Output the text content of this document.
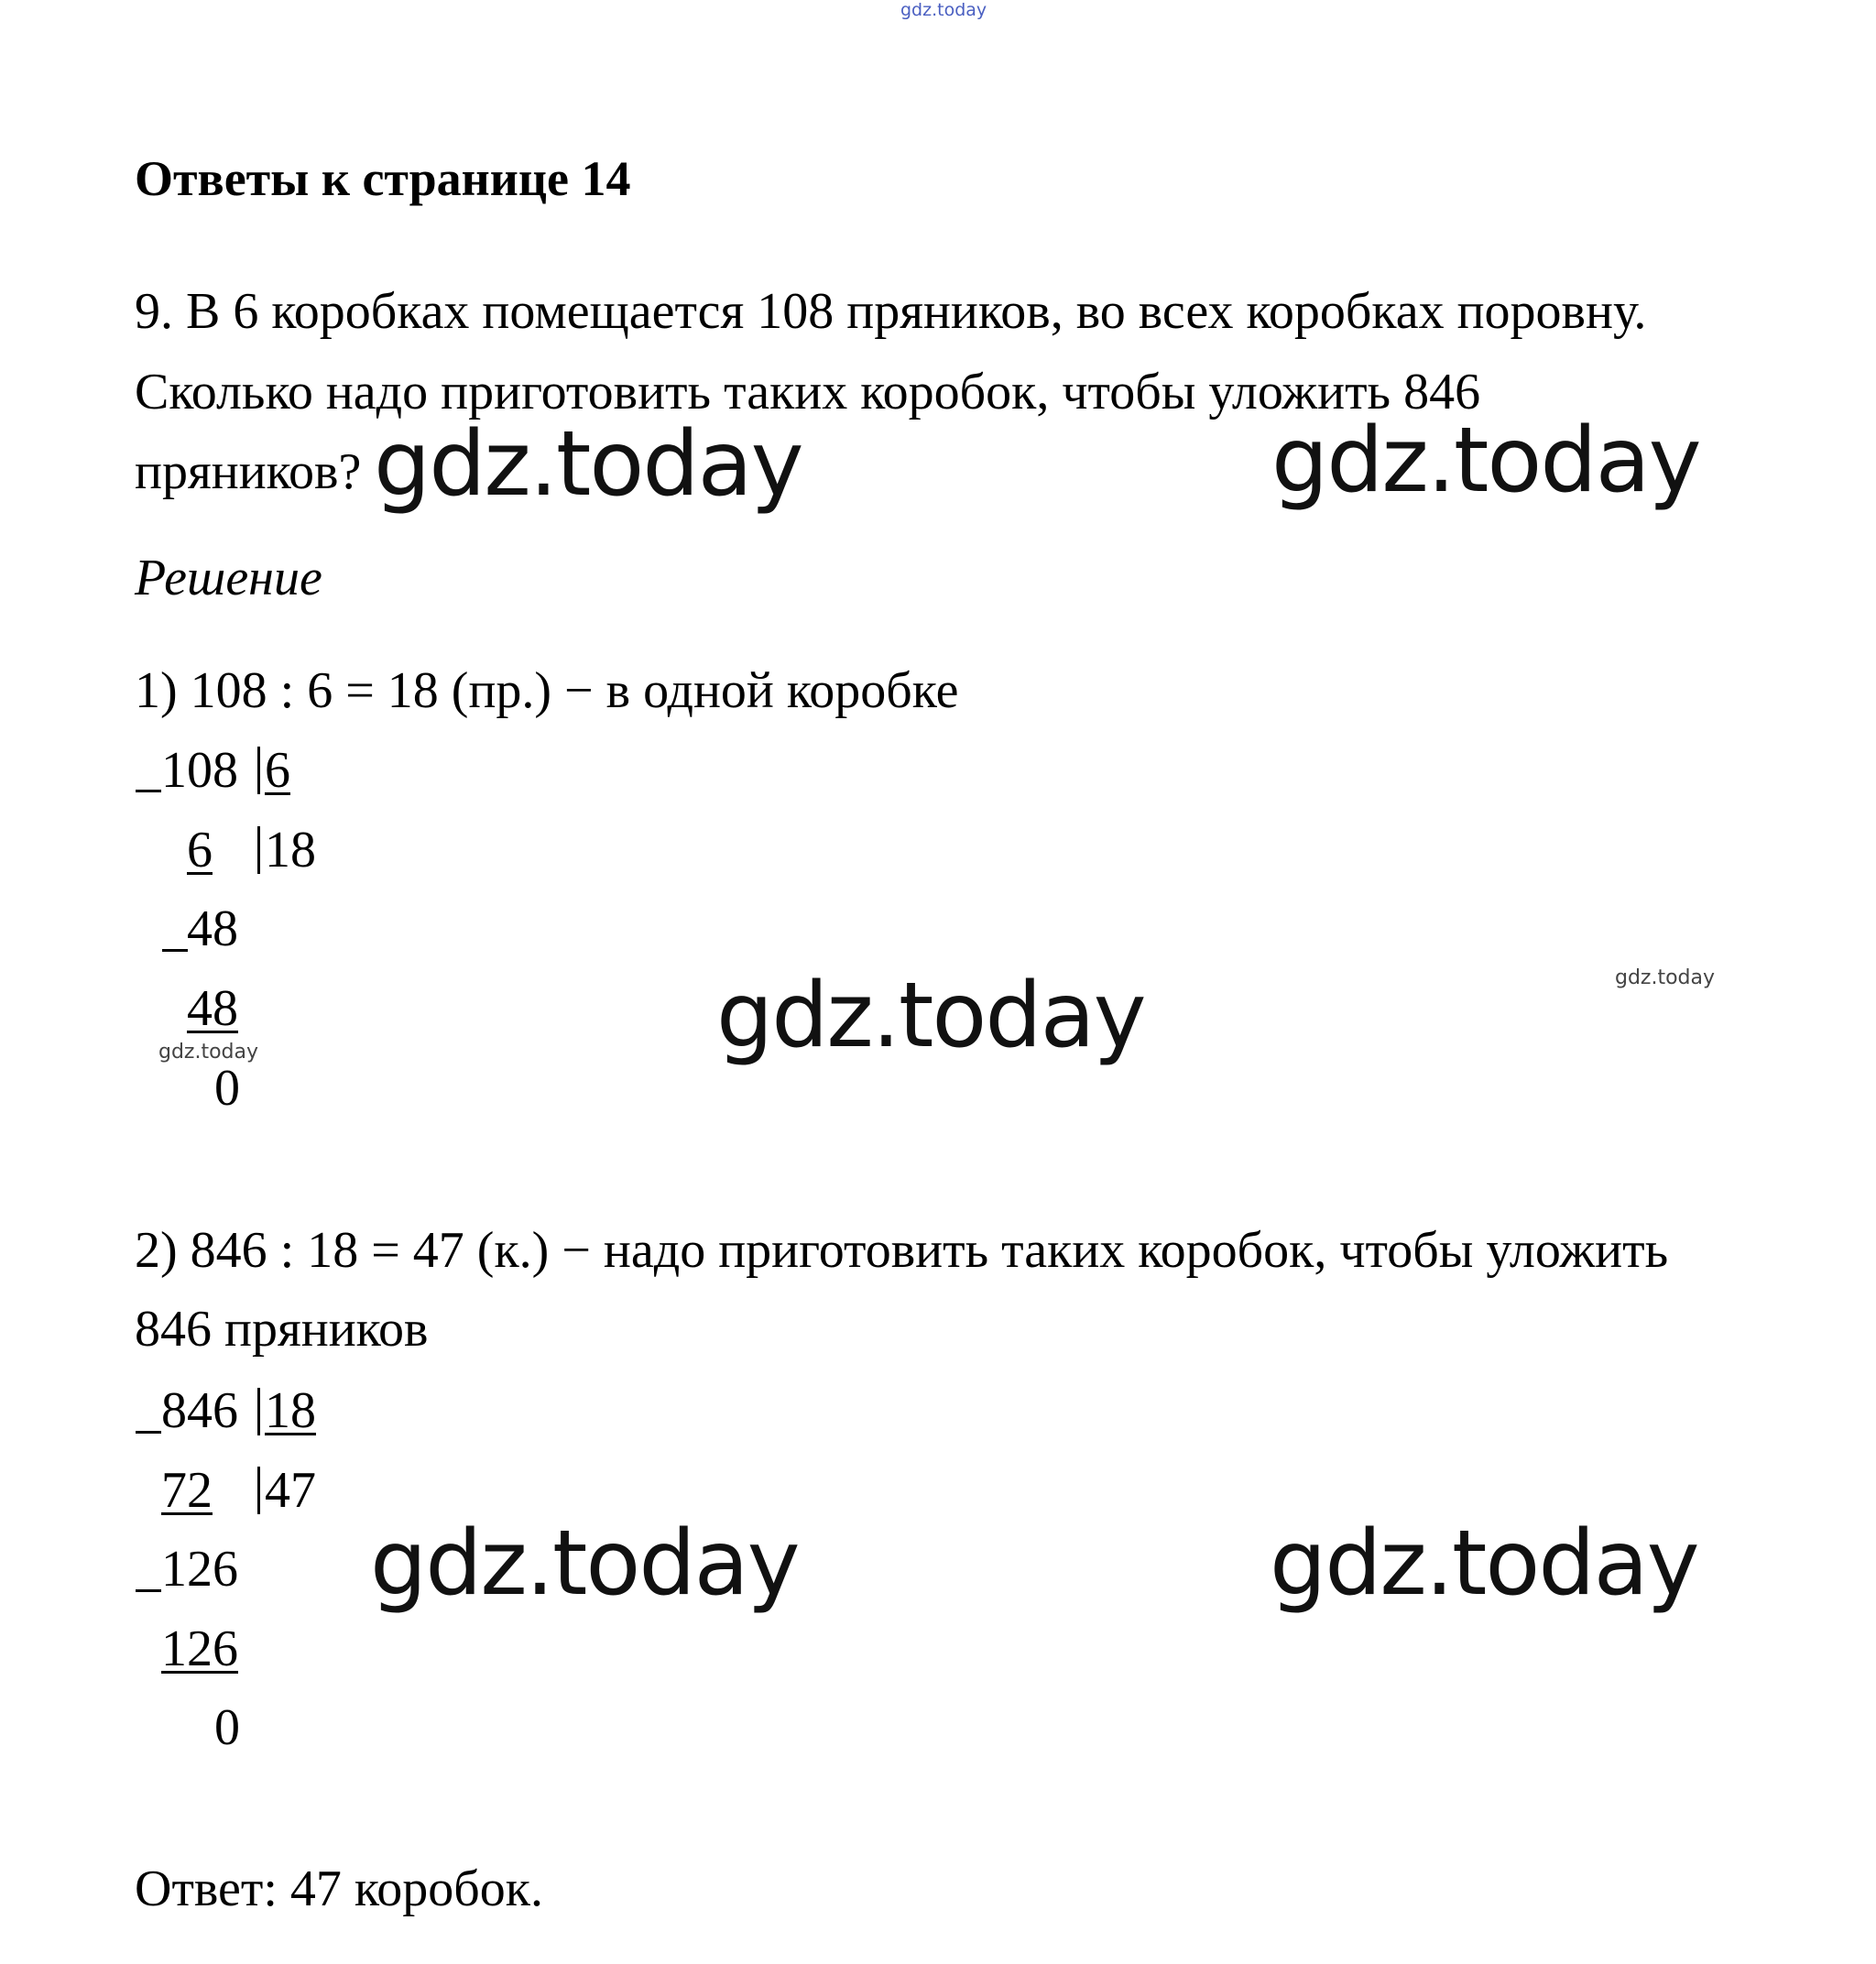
gdz.today
Ответы к странице 14
9. В 6 коробках помещается 108 пряников, во всех коробках поровну.
Сколько надо приготовить таких коробок, чтобы уложить 846
пряников? gdz.today	gdz.today
Решение
1) 108 : 6 = 18 (пр.) − в одной коробке
108 6
6 18
48
48
0
gdz.today	gdz.today	gdz.today
2) 846 : 18 = 47 (к.) − надо приготовить таких коробок, чтобы уложить
846 пряников
846 18
72 47
126
126
0
gdz.today	gdz.today
Ответ: 47 коробок.
